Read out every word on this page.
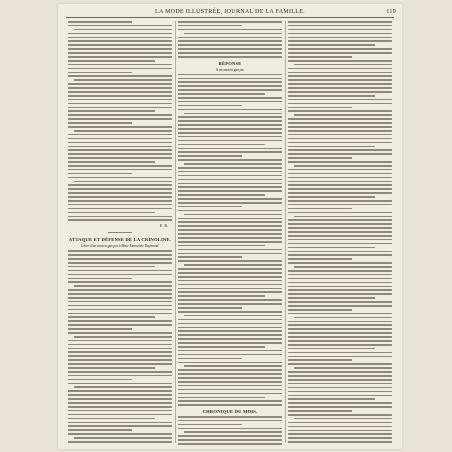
LA MODE ILLUSTRÉE, JOURNAL DE LA FAMILLE.	119
E. R.
ATTAQUE ET DÉFENSE DE LA CRINOLINE.
Lettre d'un ancien garçon à Mme Emmeline Raymond.
RÉPONSE
A un ancien garçon.
CHRONIQUE DU MOIS.
